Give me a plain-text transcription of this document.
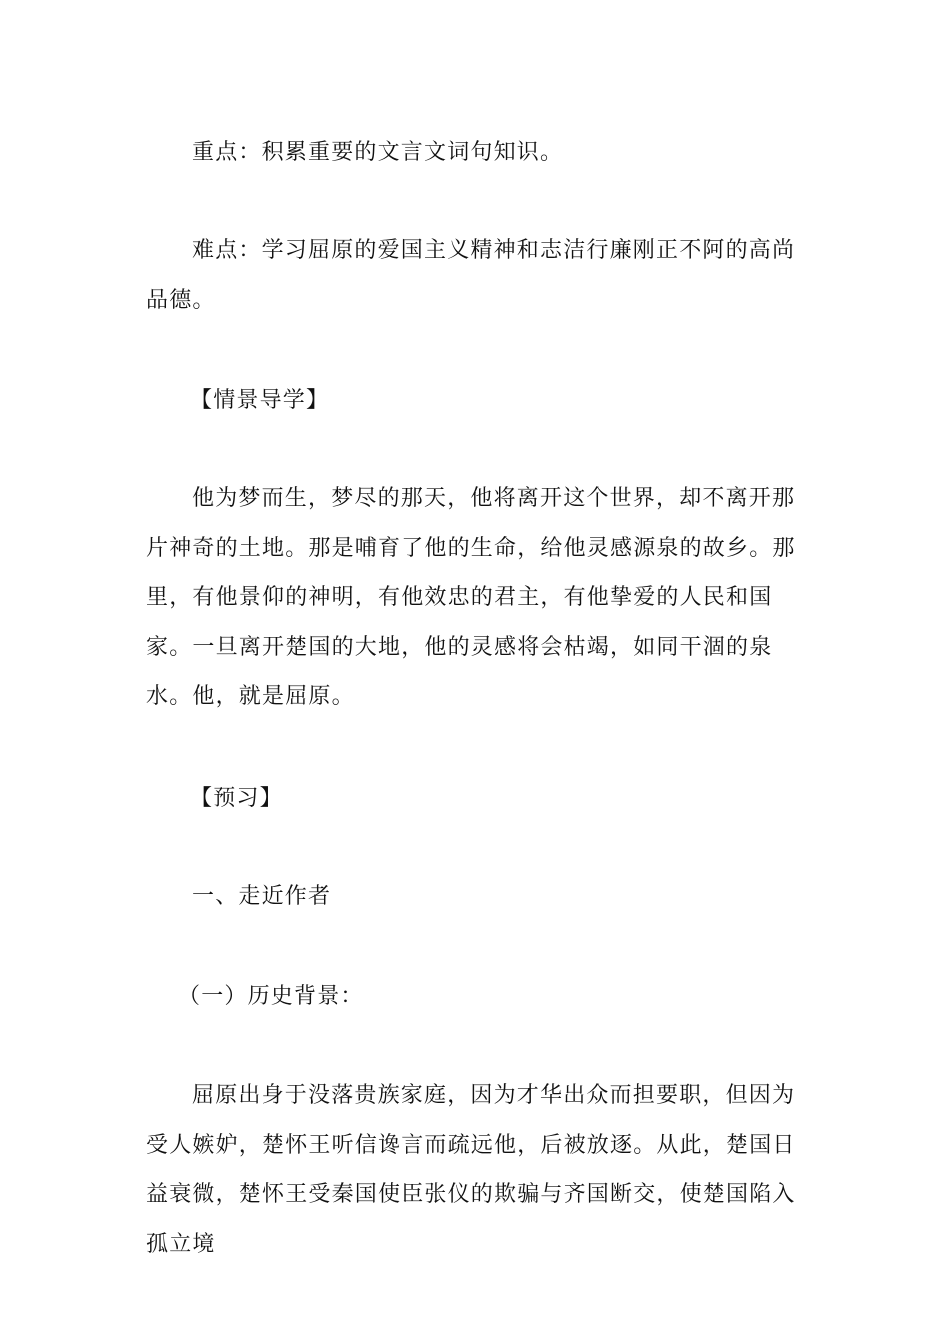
重点：积累重要的文言文词句知识。

难点：学习屈原的爱国主义精神和志洁行廉刚正不阿的高尚品德。

【情景导学】

他为梦而生，梦尽的那天，他将离开这个世界，却不离开那片神奇的土地。那是哺育了他的生命，给他灵感源泉的故乡。那里，有他景仰的神明，有他效忠的君主，有他挚爱的人民和国家。一旦离开楚国的大地，他的灵感将会枯竭，如同干涸的泉水。他，就是屈原。

【预习】

一、走近作者

（一）历史背景：

屈原出身于没落贵族家庭，因为才华出众而担要职，但因为受人嫉妒，楚怀王听信谗言而疏远他，后被放逐。从此，楚国日益衰微，楚怀王受秦国使臣张仪的欺骗与齐国断交，使楚国陷入孤立境
